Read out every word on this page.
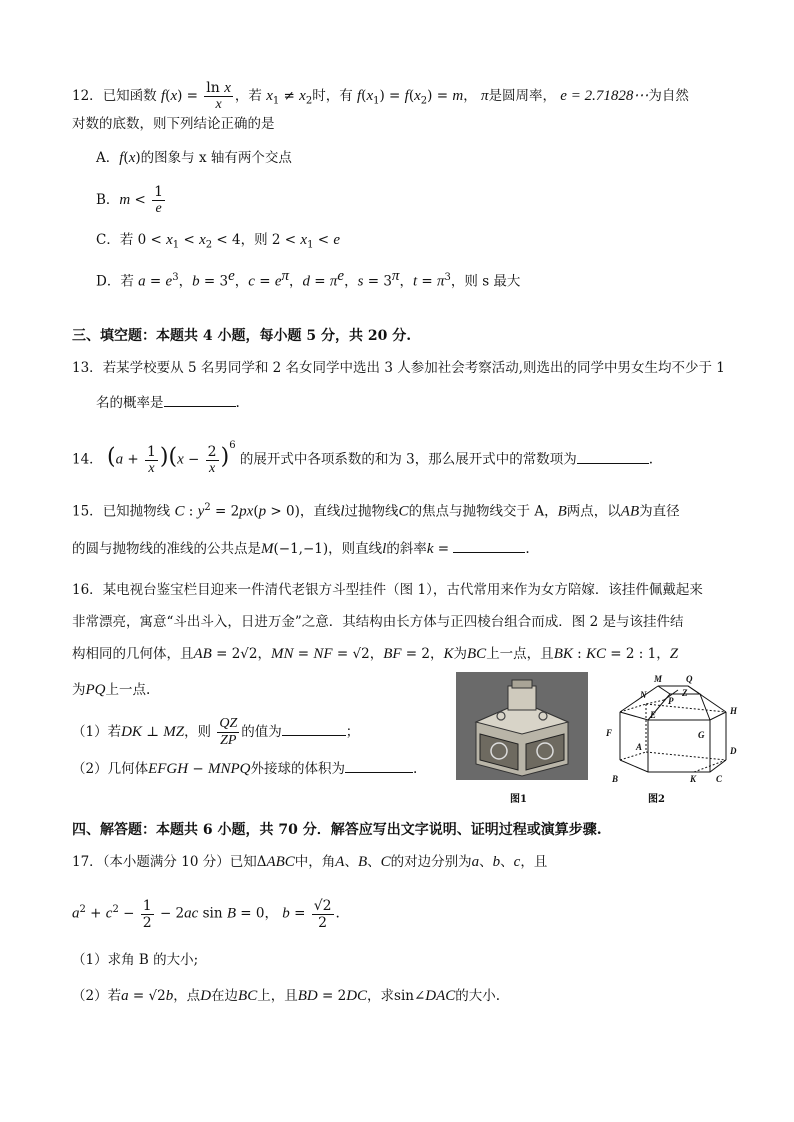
12．已知函数 $f(x) = \frac{\text{ln x}}{x}$ ，若 $x_1 \ne x_2$时，有 $f(x_1) = f(x_2) = m$， π是圆周率， e = 2.71828⋯为自然
对数的底数，则下列结论正确的是
A．f(x)的图象与 x 轴有两个交点
B．$m < \frac{1}{e}$
C．若 $0 < x_1 < x_2 < 4$，则 $2 < x_1 < e$
D．若 $a = e^3$，$b = 3^e$，$c = e^\pi$，$d = \pi^e$，$s = 3^\pi$，$t = \pi^3$，则 s 最大
三、填空题：本题共 4 小题，每小题 5 分，共 20 分.
13．若某学校要从 5 名男同学和 2 名女同学中选出 3 人参加社会考察活动,则选出的同学中男女生均不少于 1
名的概率是	.
14． $(a + \frac{1}{x} )(x - \frac{2}{x} )^6$ 的展开式中各项系数的和为 3，那么展开式中的常数项为	.
15．已知抛物线 C : $y^2 = 2px(p > 0)$，直线l过抛物线C的焦点与抛物线交于 A，B两点，以AB为直径
的圆与抛物线的准线的公共点是M(−1,−1)，则直线l的斜率k =	.
16．某电视台鉴宝栏目迎来一件清代老银方斗型挂件（图 1），古代常用来作为女方陪嫁．该挂件佩戴起来
非常漂亮，寓意“斗出斗入，日进万金”之意．其结构由长方体与正四棱台组合而成．图 2 是与该挂件结
构相同的几何体，且AB = 2√2，MN = NF = √2，BF = 2，K为BC上一点，且BK : KC = 2 : 1，Z
为PQ上一点.
（1）若DK ⊥ MZ，则 $\frac{QZ}{ZP}$ 的值为	；
（2）几何体EFGH − MNPQ外接球的体积为	.
图1
M	Q
N
P
Z
E
F	G
H
A	D
B	K C
图2
四、解答题：本题共 6 小题，共 70 分．解答应写出文字说明、证明过程或演算步骤.
17．（本小题满分 10 分）已知ΔABC中，角A、B、C的对边分别为a、b、c，且
$a^2 + c^2 - \frac{1}{2} - 2ac$ sin B = 0， $b = \frac{√2}{2}$ .
（1）求角 B 的大小;
（2）若a = √2b，点D在边BC上，且BD = 2DC，求sin∠DAC的大小.
